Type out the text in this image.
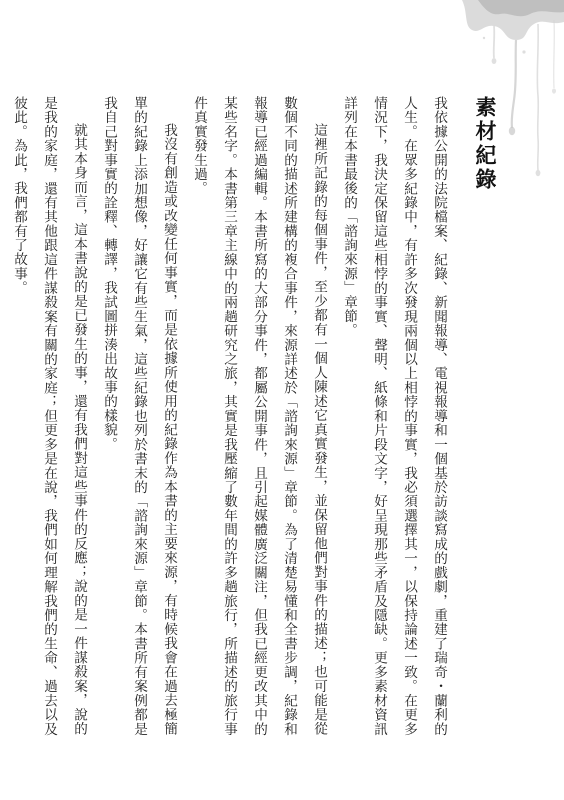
素材紀錄

我依據公開的法院檔案、紀錄、新聞報導、電視報導和一個基於訪談寫成的戲劇，重建了瑞奇・蘭利的人生。在眾多紀錄中，有許多次發現兩個以上相悖的事實，我必須選擇其一，以保持論述一致。在更多情況下，我決定保留這些相悖的事實、聲明、紙條和片段文字，好呈現那些矛盾及隱缺。更多素材資訊詳列在本書最後的「諮詢來源」章節。

這裡所記錄的每個事件，至少都有一個人陳述它真實發生，並保留他們對事件的描述；也可能是從數個不同的描述所建構的複合事件，來源詳述於「諮詢來源」章節。為了清楚易懂和全書步調，紀錄和報導已經過編輯。本書所寫的大部分事件，都屬公開事件，且引起媒體廣泛關注，但我已經更改其中的某些名字。本書第三章主線中的兩趟研究之旅，其實是我壓縮了數年間的許多趟旅行，所描述的旅行事件真實發生過。

我沒有創造或改變任何事實，而是依據所使用的紀錄作為本書的主要來源，有時候我會在過去極簡單的紀錄上添加想像，好讓它有些生氣，這些紀錄也列於書末的「諮詢來源」章節。本書所有案例都是我自己對事實的詮釋、轉譯，我試圖拼湊出故事的樣貌。

就其本身而言，這本書說的是已發生的事，還有我們對這些事件的反應；說的是一件謀殺案，說的是我的家庭，還有其他跟這件謀殺案有關的家庭；但更多是在說，我們如何理解我們的生命、過去以及彼此。為此，我們都有了故事。
